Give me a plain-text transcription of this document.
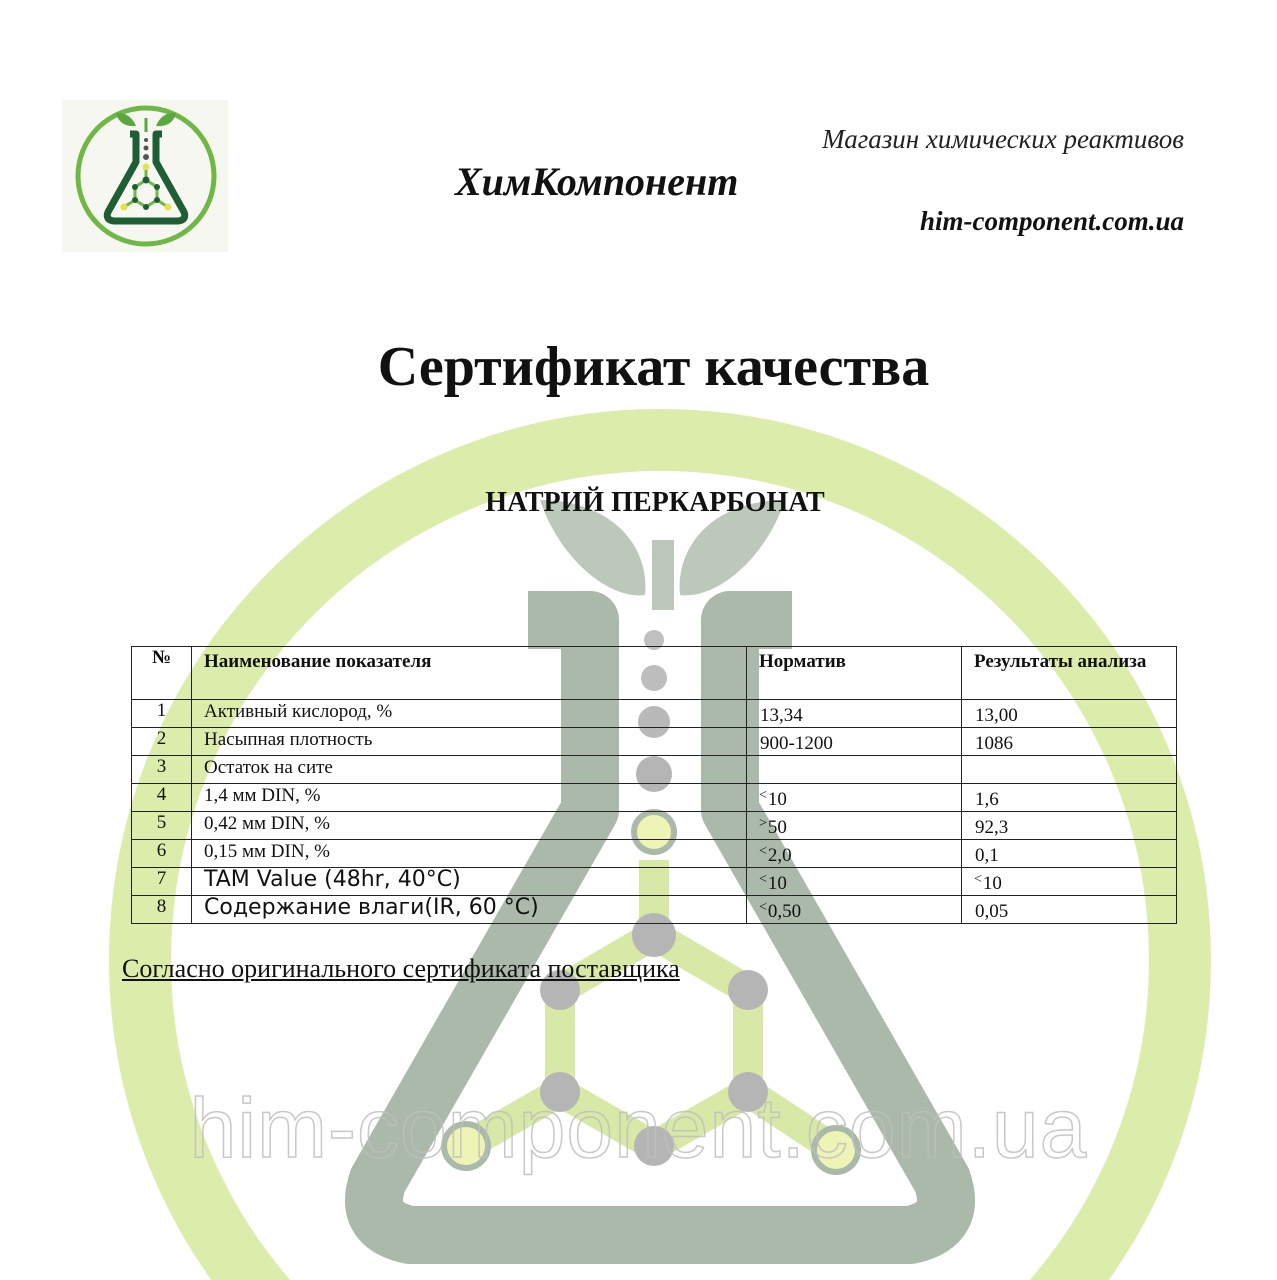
him-component.com.ua
Магазин химических реактивов
ХимКомпонент
him-component.com.ua
Сертификат качества
НАТРИЙ ПЕРКАРБОНАТ
№	Наименование показателя	Норматив	Результаты анализа
1	Активный кислород, %	13,34	13,00
2	Насыпная плотность	900-1200	1086
3	Остаток на сите		
4	1,4 мм DIN, %	˂10	1,6
5	0,42 мм DIN, %	˃50	92,3
6	0,15 мм DIN, %	˂2,0	0,1
7	TAM Value (48hr, 40°C)	˂10	˂10
8	Содержание влаги(IR, 60 °C)	˂0,50	0,05
Согласно оригинального сертификата поставщика
